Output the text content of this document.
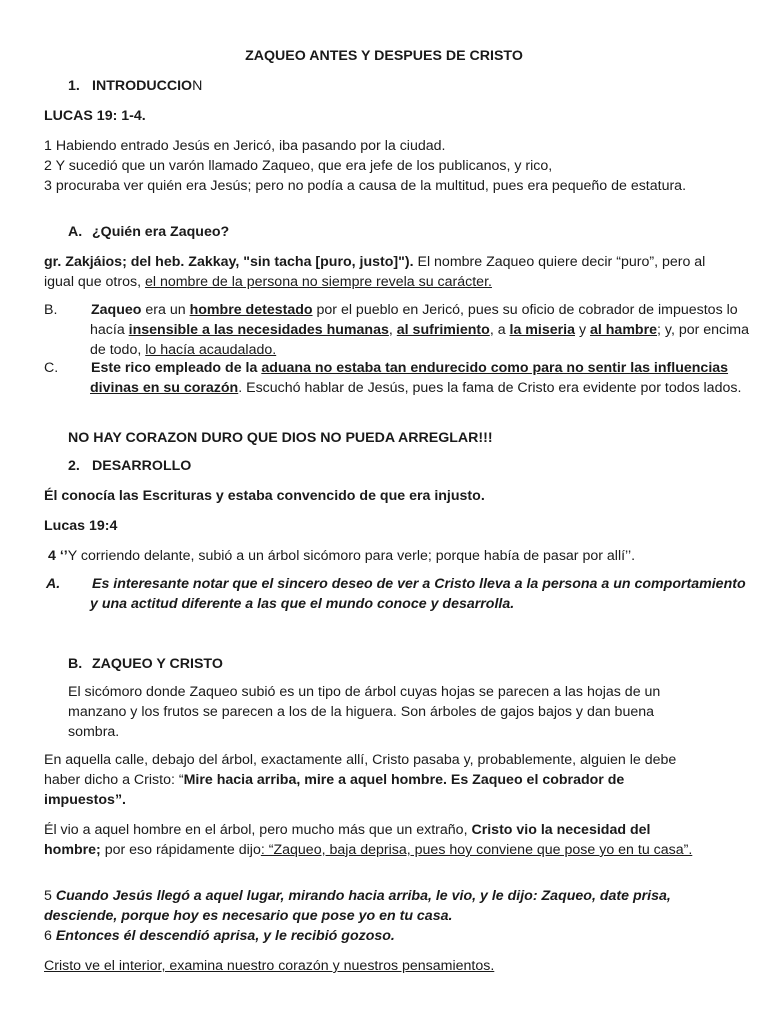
ZAQUEO ANTES Y DESPUES DE CRISTO

1. INTRODUCCION

LUCAS 19: 1-4.

1 Habiendo entrado Jesús en Jericó, iba pasando por la ciudad.
2 Y sucedió que un varón llamado Zaqueo, que era jefe de los publicanos, y rico,
3 procuraba ver quién era Jesús; pero no podía a causa de la multitud, pues era pequeño de estatura.

A. ¿Quién era Zaqueo?

gr. Zakjáios; del heb. Zakkay, "sin tacha [puro, justo]"). El nombre Zaqueo quiere decir “puro”, pero al igual que otros, el nombre de la persona no siempre revela su carácter.

B. Zaqueo era un hombre detestado por el pueblo en Jericó, pues su oficio de cobrador de impuestos lo hacía insensible a las necesidades humanas, al sufrimiento, a la miseria y al hambre; y, por encima de todo, lo hacía acaudalado.

C. Este rico empleado de la aduana no estaba tan endurecido como para no sentir las influencias divinas en su corazón. Escuchó hablar de Jesús, pues la fama de Cristo era evidente por todos lados.

NO HAY CORAZON DURO QUE DIOS NO PUEDA ARREGLAR!!!

2. DESARROLLO

Él conocía las Escrituras y estaba convencido de que era injusto.

Lucas 19:4

4 ‘’Y corriendo delante, subió a un árbol sicómoro para verle; porque había de pasar por allí’’.

A. Es interesante notar que el sincero deseo de ver a Cristo lleva a la persona a un comportamiento y una actitud diferente a las que el mundo conoce y desarrolla.

B. ZAQUEO Y CRISTO

El sicómoro donde Zaqueo subió es un tipo de árbol cuyas hojas se parecen a las hojas de un manzano y los frutos se parecen a los de la higuera. Son árboles de gajos bajos y dan buena sombra.

En aquella calle, debajo del árbol, exactamente allí, Cristo pasaba y, probablemente, alguien le debe haber dicho a Cristo: “Mire hacia arriba, mire a aquel hombre. Es Zaqueo el cobrador de impuestos”.

Él vio a aquel hombre en el árbol, pero mucho más que un extraño, Cristo vio la necesidad del hombre; por eso rápidamente dijo: “Zaqueo, baja deprisa, pues hoy conviene que pose yo en tu casa”.

5 Cuando Jesús llegó a aquel lugar, mirando hacia arriba, le vio, y le dijo: Zaqueo, date prisa, desciende, porque hoy es necesario que pose yo en tu casa.
6 Entonces él descendió aprisa, y le recibió gozoso.

Cristo ve el interior, examina nuestro corazón y nuestros pensamientos.
